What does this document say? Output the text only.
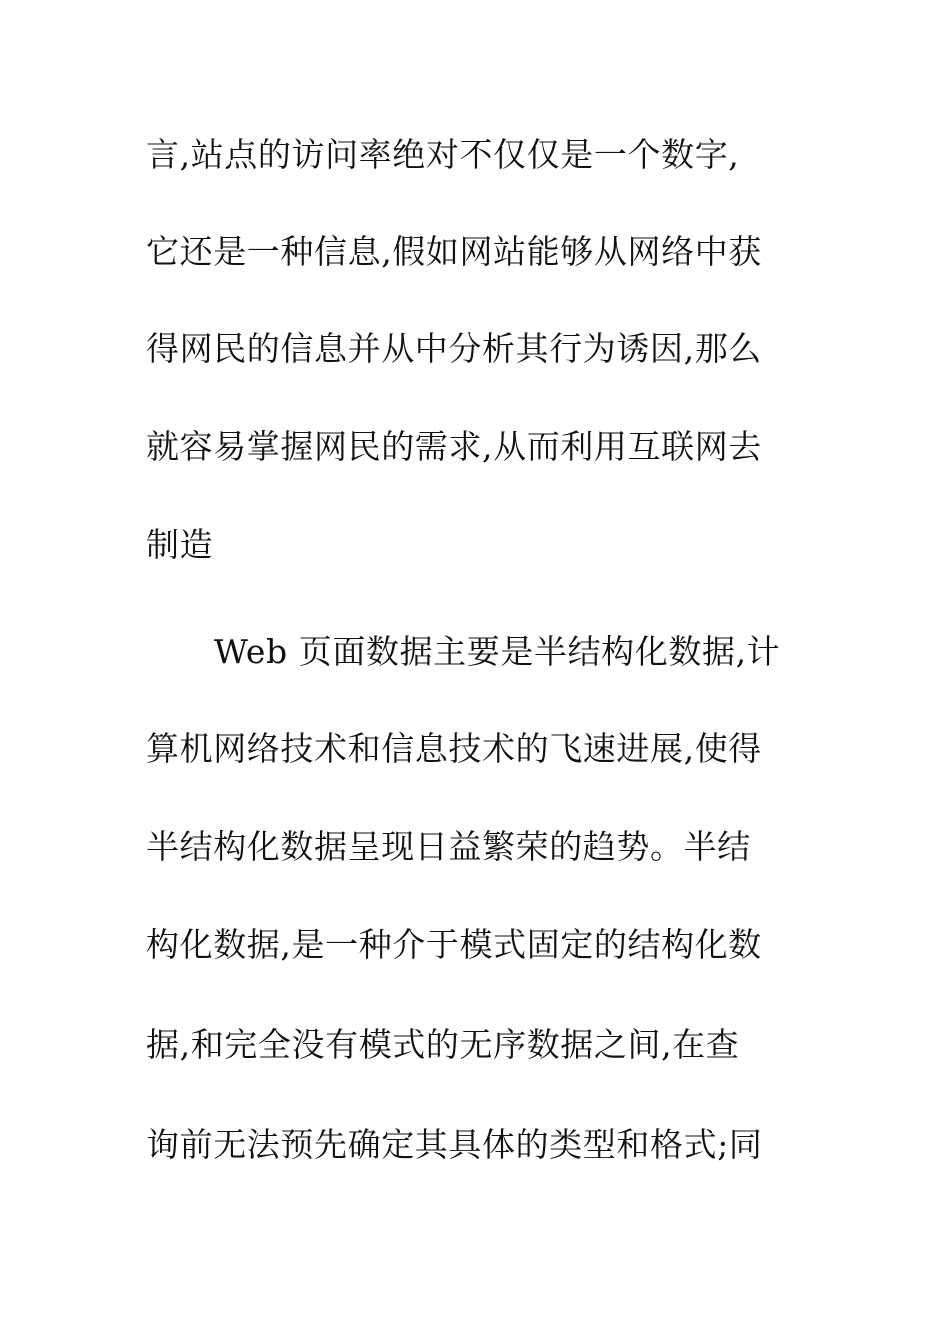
言,站点的访问率绝对不仅仅是一个数字,
它还是一种信息,假如网站能够从网络中获
得网民的信息并从中分析其行为诱因,那么
就容易掌握网民的需求,从而利用互联网去
制造
Web 页面数据主要是半结构化数据,计
算机网络技术和信息技术的飞速进展,使得
半结构化数据呈现日益繁荣的趋势。半结
构化数据,是一种介于模式固定的结构化数
据,和完全没有模式的无序数据之间,在查
询前无法预先确定其具体的类型和格式;同
